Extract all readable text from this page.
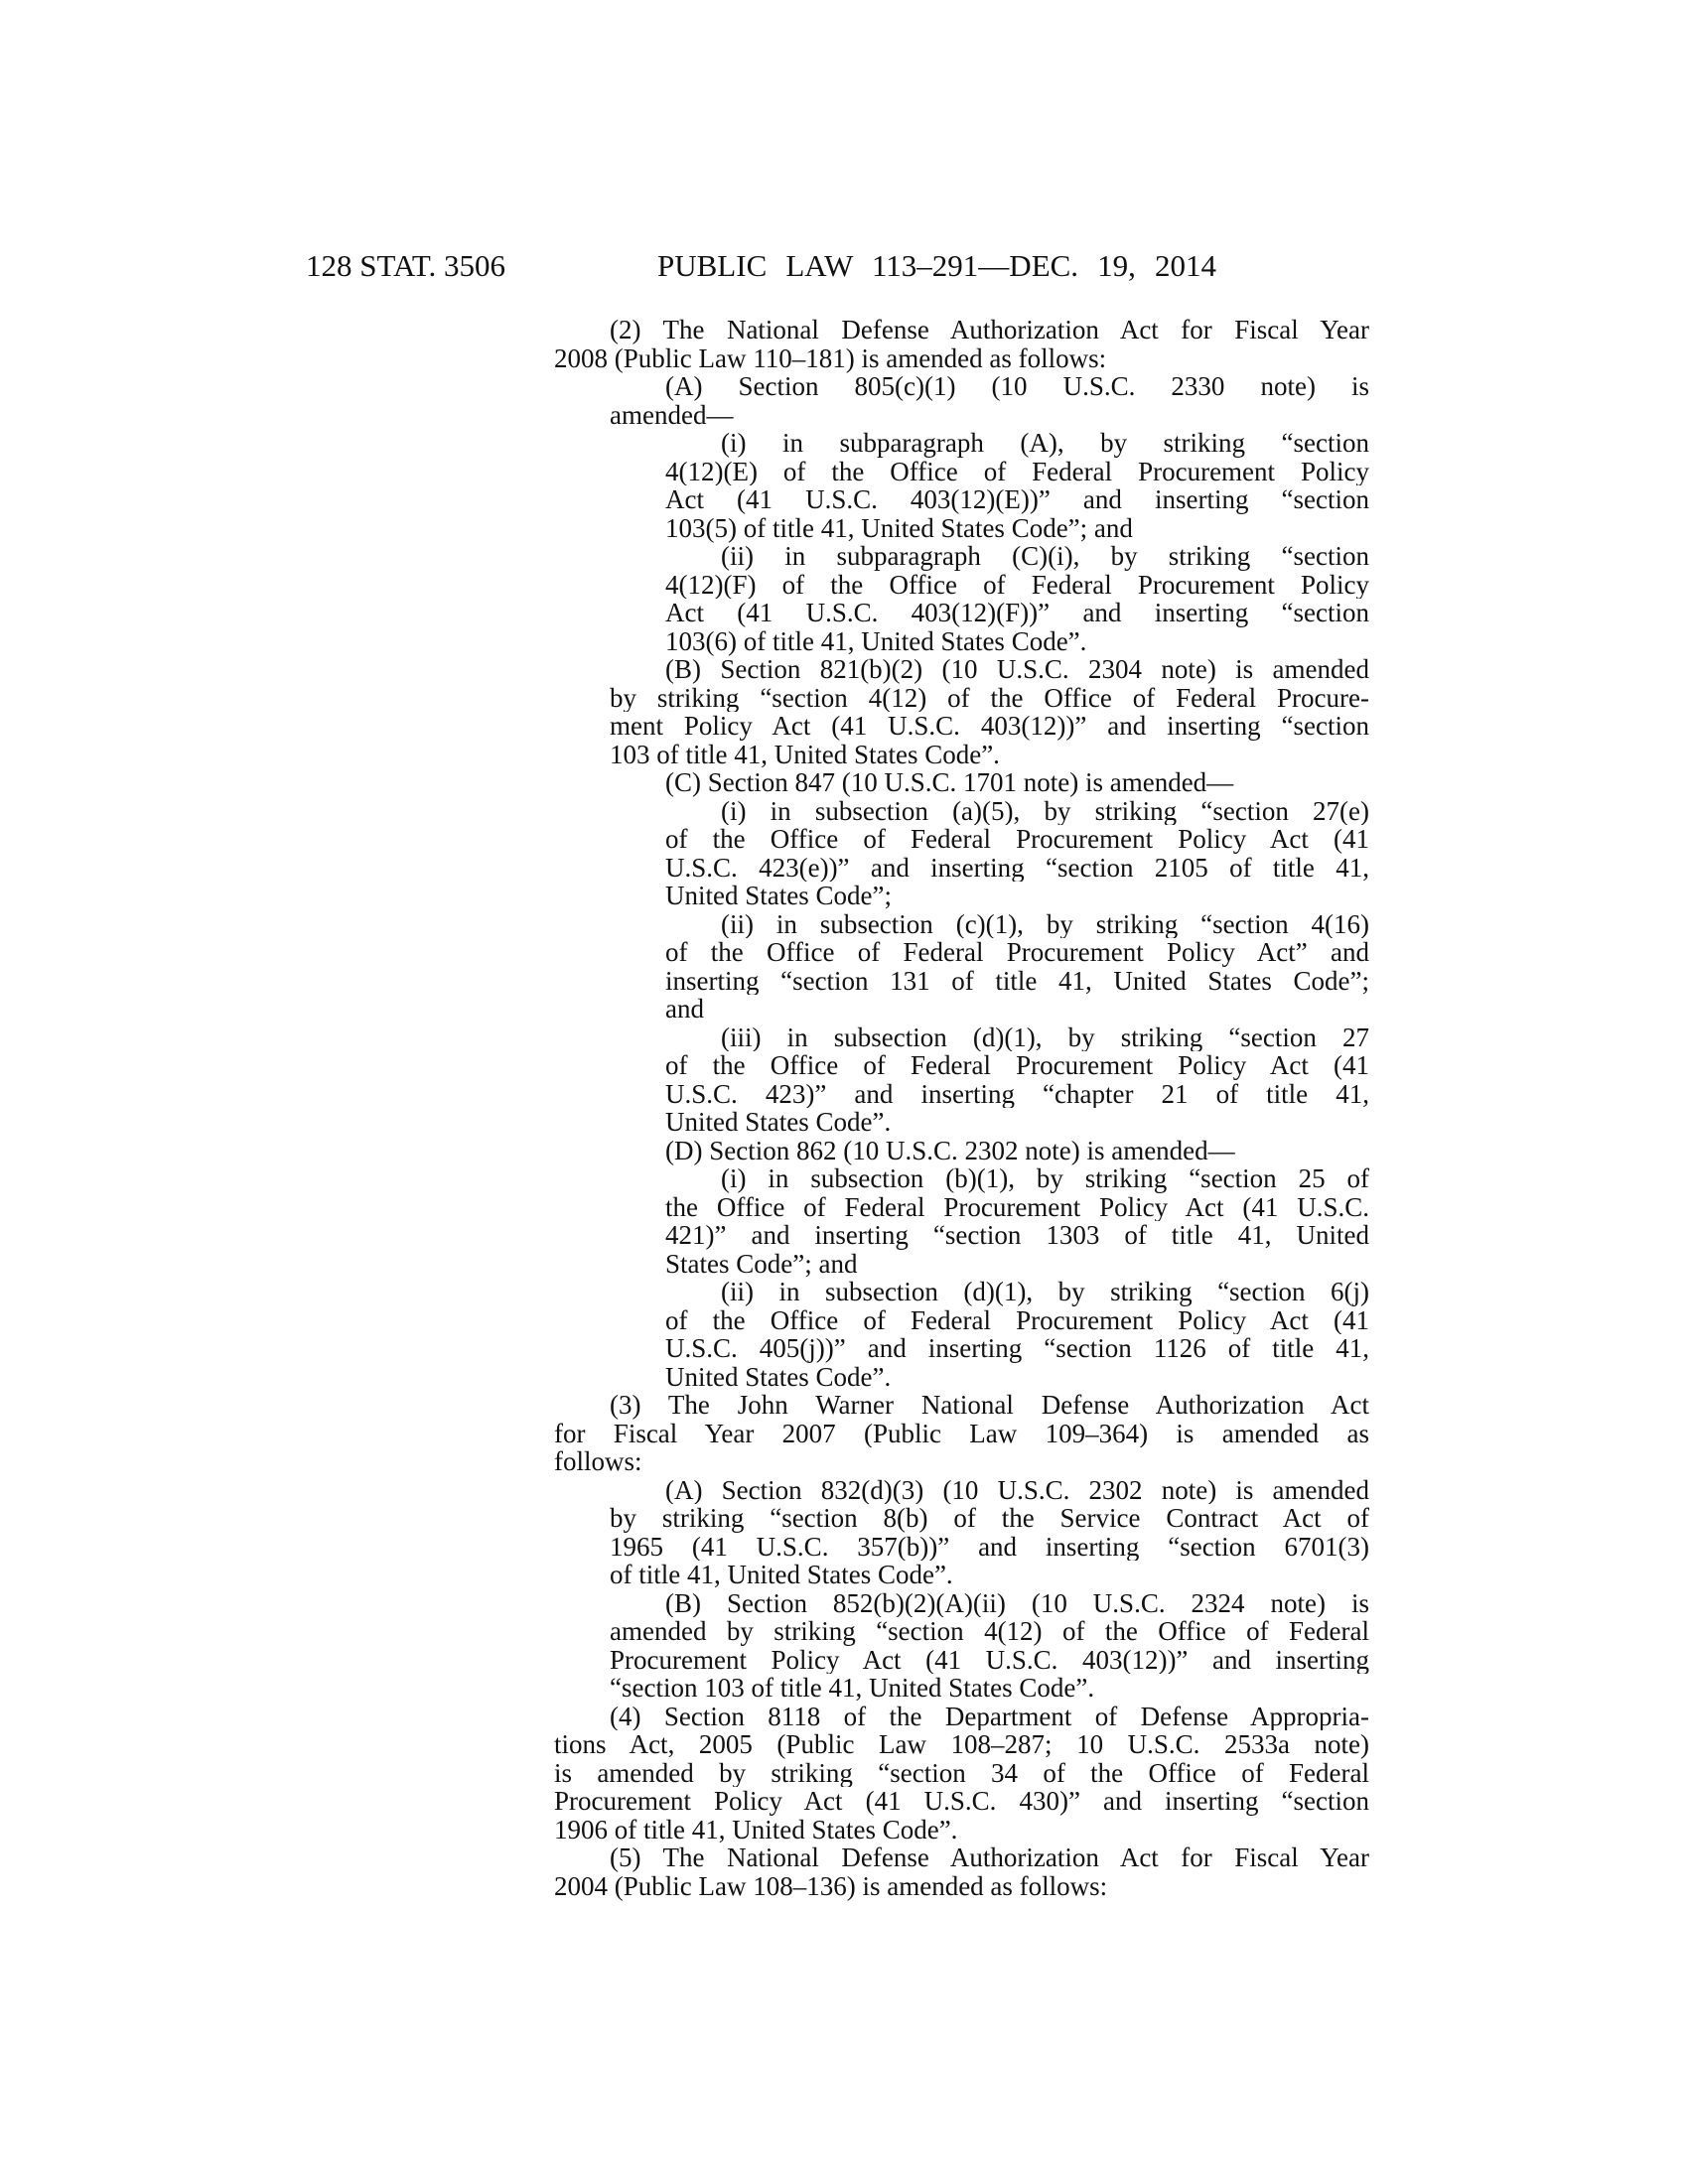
128 STAT. 3506	PUBLIC LAW 113–291—DEC. 19, 2014
(2) The National Defense Authorization Act for Fiscal Year
2008 (Public Law 110–181) is amended as follows:
(A) Section 805(c)(1) (10 U.S.C. 2330 note) is
amended—
(i) in subparagraph (A), by striking “section
4(12)(E) of the Office of Federal Procurement Policy
Act (41 U.S.C. 403(12)(E))” and inserting “section
103(5) of title 41, United States Code”; and
(ii) in subparagraph (C)(i), by striking “section
4(12)(F) of the Office of Federal Procurement Policy
Act (41 U.S.C. 403(12)(F))” and inserting “section
103(6) of title 41, United States Code”.
(B) Section 821(b)(2) (10 U.S.C. 2304 note) is amended
by striking “section 4(12) of the Office of Federal Procure-
ment Policy Act (41 U.S.C. 403(12))” and inserting “section
103 of title 41, United States Code”.
(C) Section 847 (10 U.S.C. 1701 note) is amended—
(i) in subsection (a)(5), by striking “section 27(e)
of the Office of Federal Procurement Policy Act (41
U.S.C. 423(e))” and inserting “section 2105 of title 41,
United States Code”;
(ii) in subsection (c)(1), by striking “section 4(16)
of the Office of Federal Procurement Policy Act” and
inserting “section 131 of title 41, United States Code”;
and
(iii) in subsection (d)(1), by striking “section 27
of the Office of Federal Procurement Policy Act (41
U.S.C. 423)” and inserting “chapter 21 of title 41,
United States Code”.
(D) Section 862 (10 U.S.C. 2302 note) is amended—
(i) in subsection (b)(1), by striking “section 25 of
the Office of Federal Procurement Policy Act (41 U.S.C.
421)” and inserting “section 1303 of title 41, United
States Code”; and
(ii) in subsection (d)(1), by striking “section 6(j)
of the Office of Federal Procurement Policy Act (41
U.S.C. 405(j))” and inserting “section 1126 of title 41,
United States Code”.
(3) The John Warner National Defense Authorization Act
for Fiscal Year 2007 (Public Law 109–364) is amended as
follows:
(A) Section 832(d)(3) (10 U.S.C. 2302 note) is amended
by striking “section 8(b) of the Service Contract Act of
1965 (41 U.S.C. 357(b))” and inserting “section 6701(3)
of title 41, United States Code”.
(B) Section 852(b)(2)(A)(ii) (10 U.S.C. 2324 note) is
amended by striking “section 4(12) of the Office of Federal
Procurement Policy Act (41 U.S.C. 403(12))” and inserting
“section 103 of title 41, United States Code”.
(4) Section 8118 of the Department of Defense Appropria-
tions Act, 2005 (Public Law 108–287; 10 U.S.C. 2533a note)
is amended by striking “section 34 of the Office of Federal
Procurement Policy Act (41 U.S.C. 430)” and inserting “section
1906 of title 41, United States Code”.
(5) The National Defense Authorization Act for Fiscal Year
2004 (Public Law 108–136) is amended as follows:
